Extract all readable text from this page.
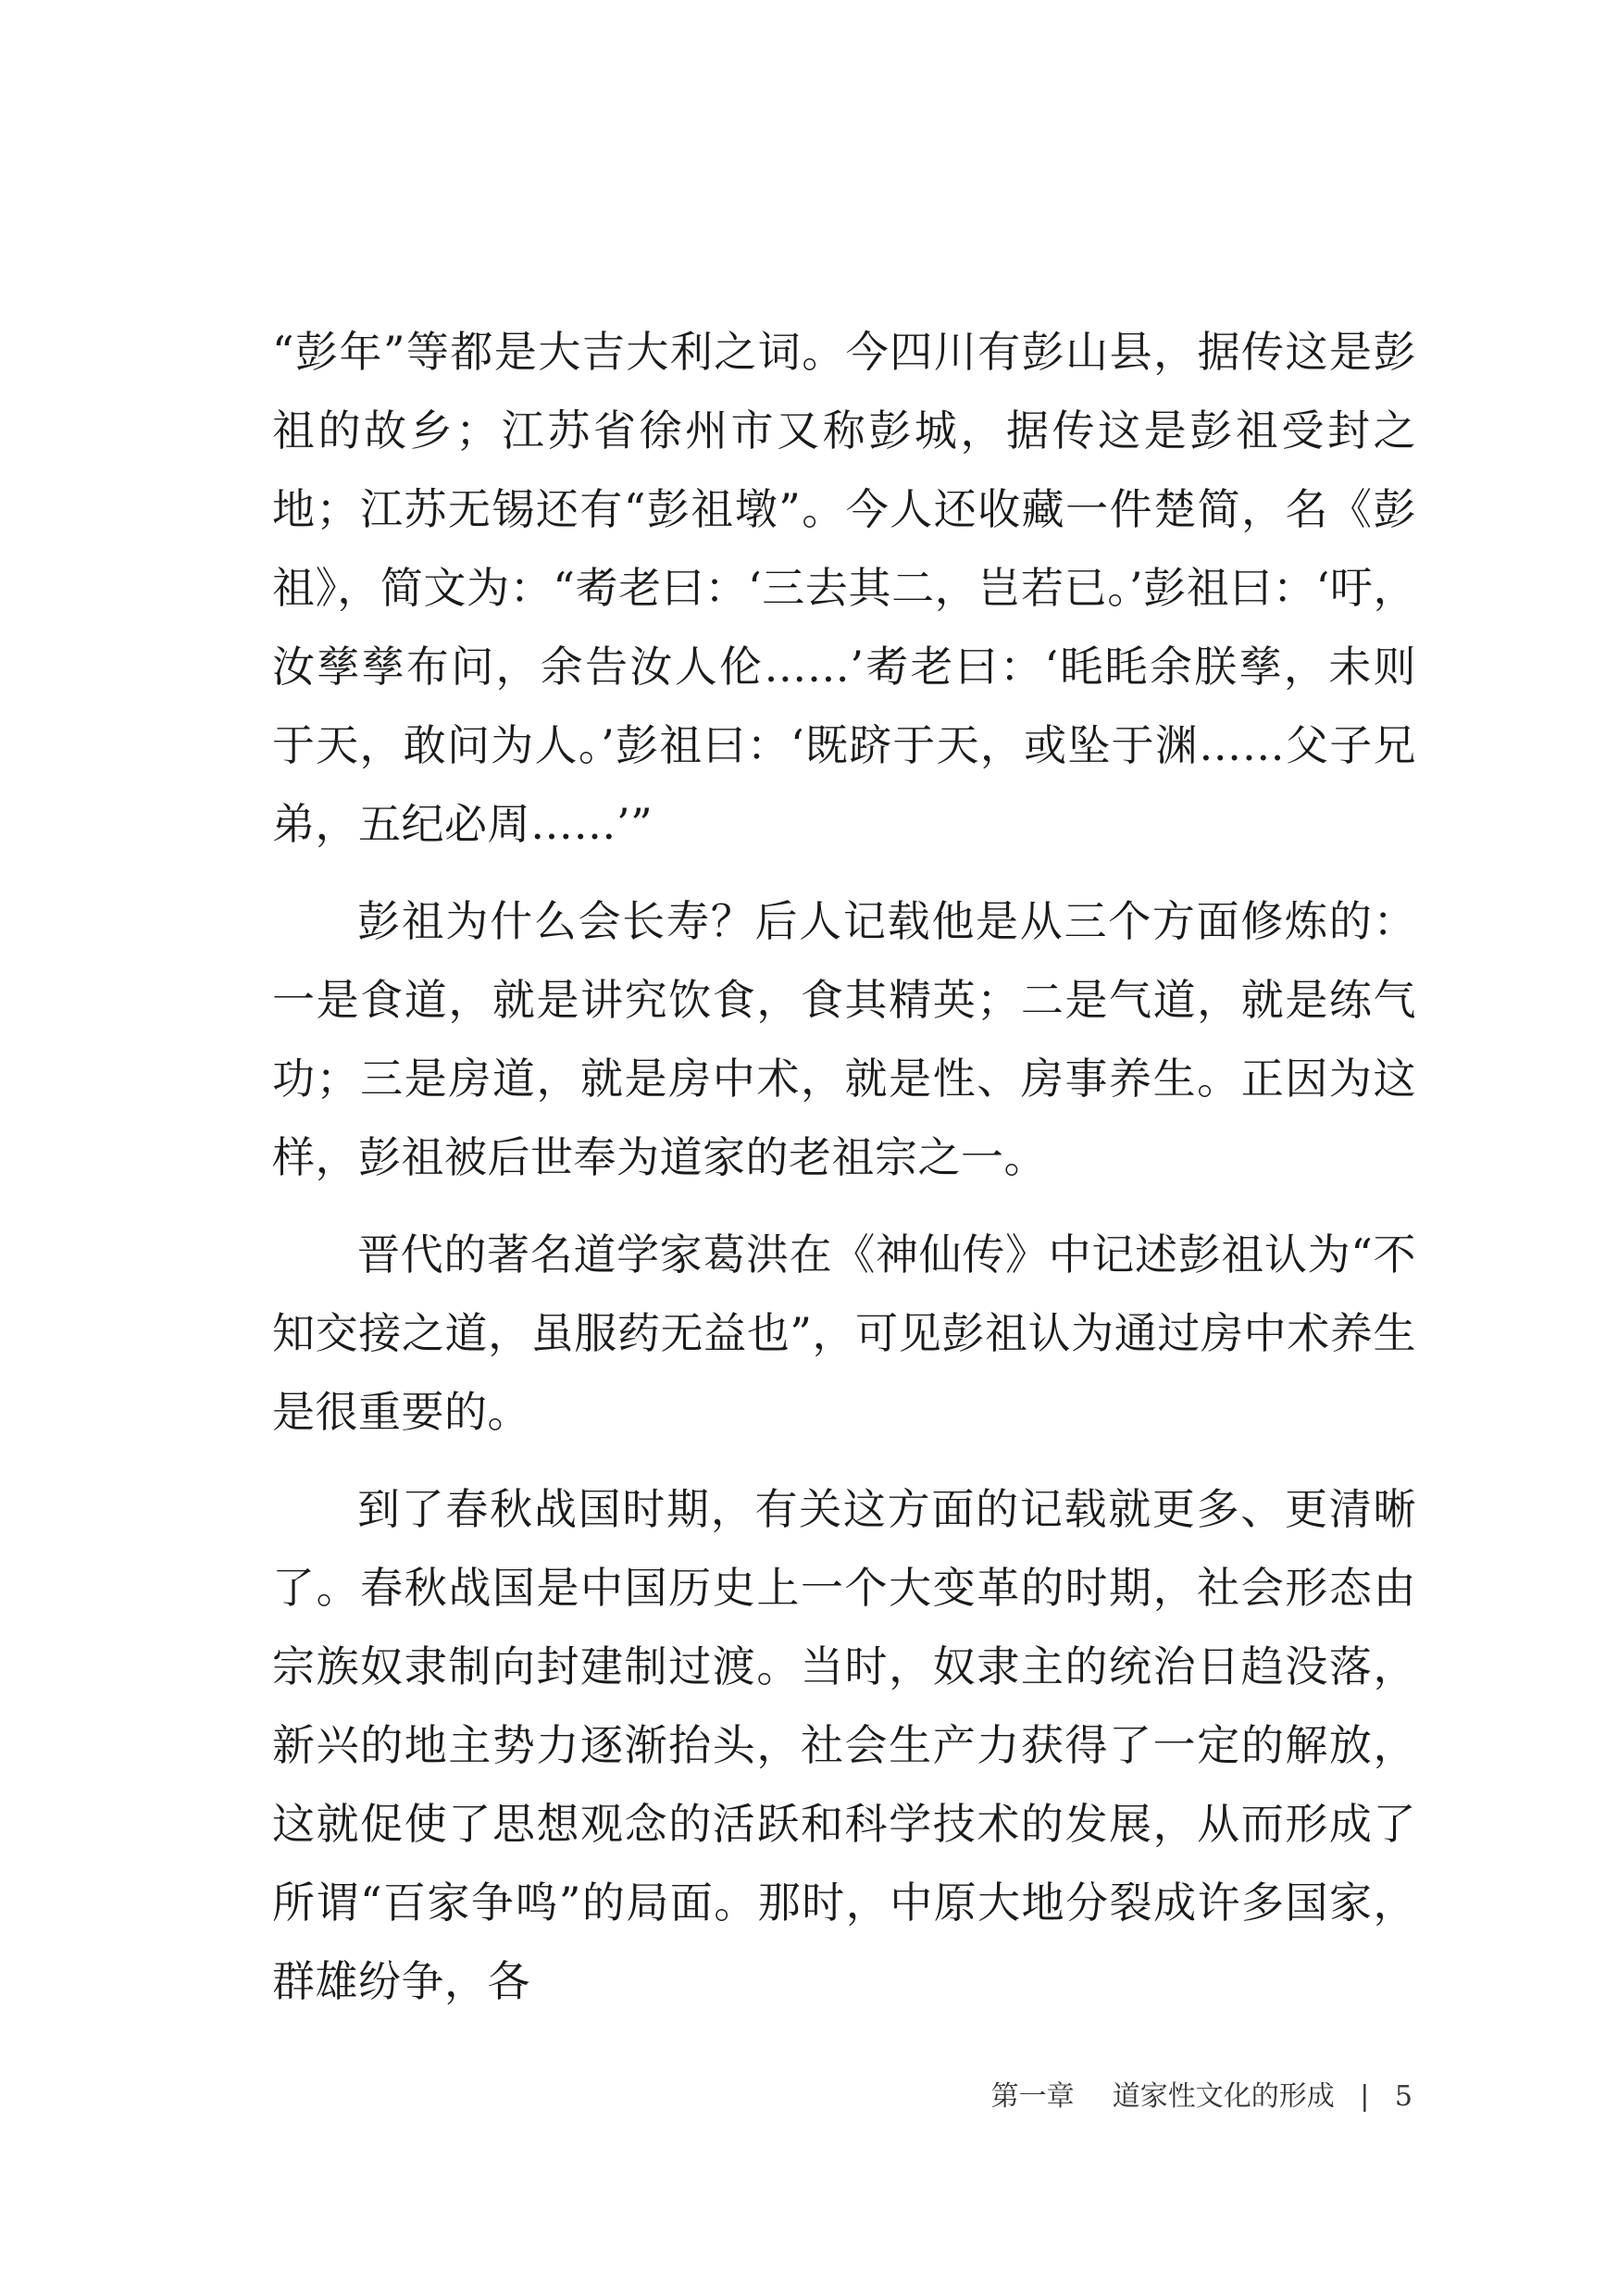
“彭年”等都是大吉大利之词。今四川有彭山县，据传这是彭祖的故乡；江苏省徐州市又称彭城，据传这是彭祖受封之地；江苏无锡还有“彭祖墩”。今人还收藏一件楚简，名《彭祖》，简文为：“耇老曰：‘三去其二，岂若已。’彭祖曰：‘吁，汝孳孳布问，余告汝人伦……’耇老曰：‘眊眊余朕孳，未则于天，敢问为人。’彭祖曰：‘既跻于天，或坠于渊……父子兄弟，五纪必周……’”

彭祖为什么会长寿？后人记载他是从三个方面修炼的：一是食道，就是讲究饮食，食其精英；二是气道，就是练气功；三是房道，就是房中术，就是性、房事养生。正因为这样，彭祖被后世奉为道家的老祖宗之一。

晋代的著名道学家葛洪在《神仙传》中记述彭祖认为“不知交接之道，虽服药无益也”，可见彭祖认为通过房中术养生是很重要的。

到了春秋战国时期，有关这方面的记载就更多、更清晰了。春秋战国是中国历史上一个大变革的时期，社会形态由宗族奴隶制向封建制过渡。当时，奴隶主的统治日趋没落，新兴的地主势力逐渐抬头，社会生产力获得了一定的解放，这就促使了思想观念的活跃和科学技术的发展，从而形成了所谓“百家争鸣”的局面。那时，中原大地分裂成许多国家，群雄纷争，各

第一章 道家性文化的形成 | 5
